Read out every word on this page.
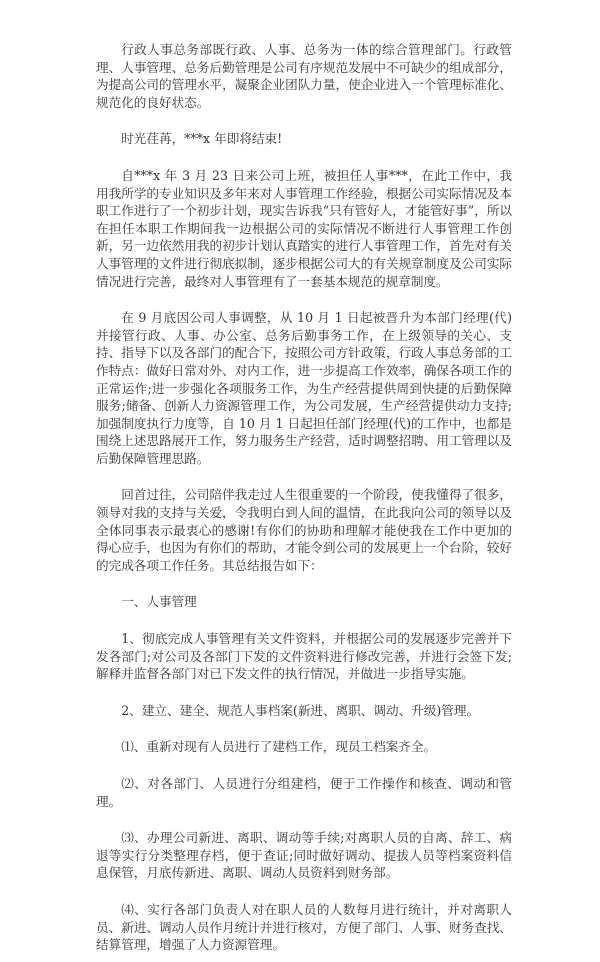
行政人事总务部既行政、人事、总务为一体的综合管理部门。行政管理、人事管理、总务后勤管理是公司有序规范发展中不可缺少的组成部分，为提高公司的管理水平，凝聚企业团队力量，使企业进入一个管理标准化、规范化的良好状态。

时光荏苒，***x 年即将结束!

自***x 年 3 月 23 日来公司上班，被担任人事***，在此工作中，我用我所学的专业知识及多年来对人事管理工作经验，根据公司实际情况及本职工作进行了一个初步计划，现实告诉我“只有管好人，才能管好事”，所以在担任本职工作期间我一边根据公司的实际情况不断进行人事管理工作创新，另一边依然用我的初步计划认真踏实的进行人事管理工作，首先对有关人事管理的文件进行彻底拟制，逐步根据公司大的有关规章制度及公司实际情况进行完善，最终对人事管理有了一套基本规范的规章制度。

在 9 月底因公司人事调整，从 10 月 1 日起被晋升为本部门经理(代)并接管行政、人事、办公室、总务后勤事务工作，在上级领导的关心、支持、指导下以及各部门的配合下，按照公司方针政策，行政人事总务部的工作特点：做好日常对外、对内工作，进一步提高工作效率，确保各项工作的正常运作;进一步强化各项服务工作，为生产经营提供周到快捷的后勤保障服务;储备、创新人力资源管理工作，为公司发展，生产经营提供动力支持;加强制度执行力度等，自 10 月 1 日起担任部门经理(代)的工作中，也都是围绕上述思路展开工作，努力服务生产经营，适时调整招聘、用工管理以及后勤保障管理思路。

回首过往，公司陪伴我走过人生很重要的一个阶段，使我懂得了很多，领导对我的支持与关爱，令我明白到人间的温情，在此我向公司的领导以及全体同事表示最衷心的感谢!有你们的协助和理解才能使我在工作中更加的得心应手，也因为有你们的帮助，才能令到公司的发展更上一个台阶，较好的完成各项工作任务。其总结报告如下：

一、人事管理

1、彻底完成人事管理有关文件资料，并根据公司的发展逐步完善并下发各部门;对公司及各部门下发的文件资料进行修改完善，并进行会签下发;解释并监督各部门对已下发文件的执行情况，并做进一步指导实施。

2、建立、建全、规范人事档案(新进、离职、调动、升级)管理。

⑴、重新对现有人员进行了建档工作，现员工档案齐全。

⑵、对各部门、人员进行分组建档，便于工作操作和核查、调动和管理。

⑶、办理公司新进、离职、调动等手续;对离职人员的自离、辞工、病退等实行分类整理存档，便于查证;同时做好调动、提拔人员等档案资料信息保管，月底传新进、离职、调动人员资料到财务部。

⑷、实行各部门负责人对在职人员的人数每月进行统计，并对离职人员、新进、调动人员作月统计并进行核对，方便了部门、人事、财务查找、结算管理，增强了人力资源管理。
